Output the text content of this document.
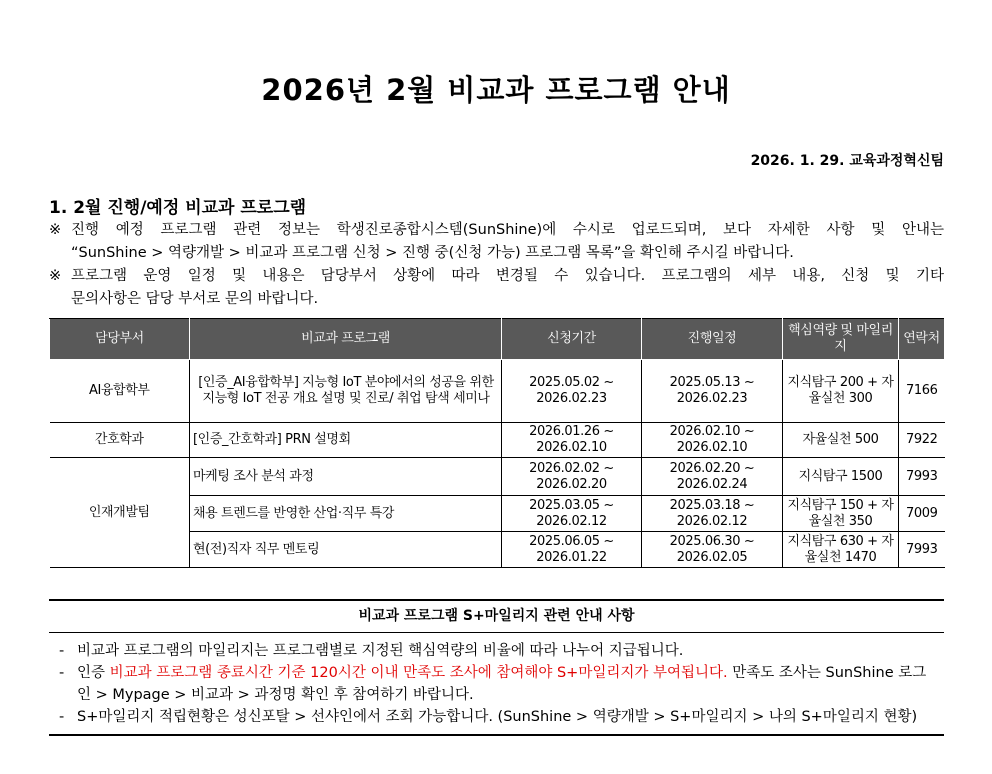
2026년 2월 비교과 프로그램 안내
2026. 1. 29. 교육과정혁신팀
1. 2월 진행/예정 비교과 프로그램
※ 진행 예정 프로그램 관련 정보는 학생진로종합시스템(SunShine)에 수시로 업로드되며, 보다 자세한 사항 및 안내는
“SunShine > 역량개발 > 비교과 프로그램 신청 > 진행 중(신청 가능) 프로그램 목록”을 확인해 주시길 바랍니다.
※ 프로그램 운영 일정 및 내용은 담당부서 상황에 따라 변경될 수 있습니다. 프로그램의 세부 내용, 신청 및 기타
문의사항은 담당 부서로 문의 바랍니다.
담당부서	비교과 프로그램	신청기간	진행일정	핵심역량 및 마일리지	연락처
AI융합학부	[인증_AI융합학부] 지능형 IoT 분야에서의 성공을 위한 지능형 IoT 전공 개요 설명 및 진로/ 취업 탐색 세미나	2025.05.02 ~ 2026.02.23	2025.05.13 ~ 2026.02.23	지식탐구 200 + 자율실천 300	7166
간호학과	[인증_간호학과] PRN 설명회	2026.01.26 ~ 2026.02.10	2026.02.10 ~ 2026.02.10	자율실천 500	7922
인재개발팀	마케팅 조사 분석 과정	2026.02.02 ~ 2026.02.20	2026.02.20 ~ 2026.02.24	지식탐구 1500	7993
	채용 트렌드를 반영한 산업·직무 특강	2025.03.05 ~ 2026.02.12	2025.03.18 ~ 2026.02.12	지식탐구 150 + 자율실천 350	7009
	현(전)직자 직무 멘토링	2025.06.05 ~ 2026.01.22	2025.06.30 ~ 2026.02.05	지식탐구 630 + 자율실천 1470	7993
비교과 프로그램 S+마일리지 관련 안내 사항
- 비교과 프로그램의 마일리지는 프로그램별로 지정된 핵심역량의 비율에 따라 나누어 지급됩니다.
- 인증 비교과 프로그램 종료시간 기준 120시간 이내 만족도 조사에 참여해야 S+마일리지가 부여됩니다. 만족도 조사는 SunShine 로그인 > Mypage > 비교과 > 과정명 확인 후 참여하기 바랍니다.
- S+마일리지 적립현황은 성신포탈 > 선샤인에서 조회 가능합니다. (SunShine > 역량개발 > S+마일리지 > 나의 S+마일리지 현황)
